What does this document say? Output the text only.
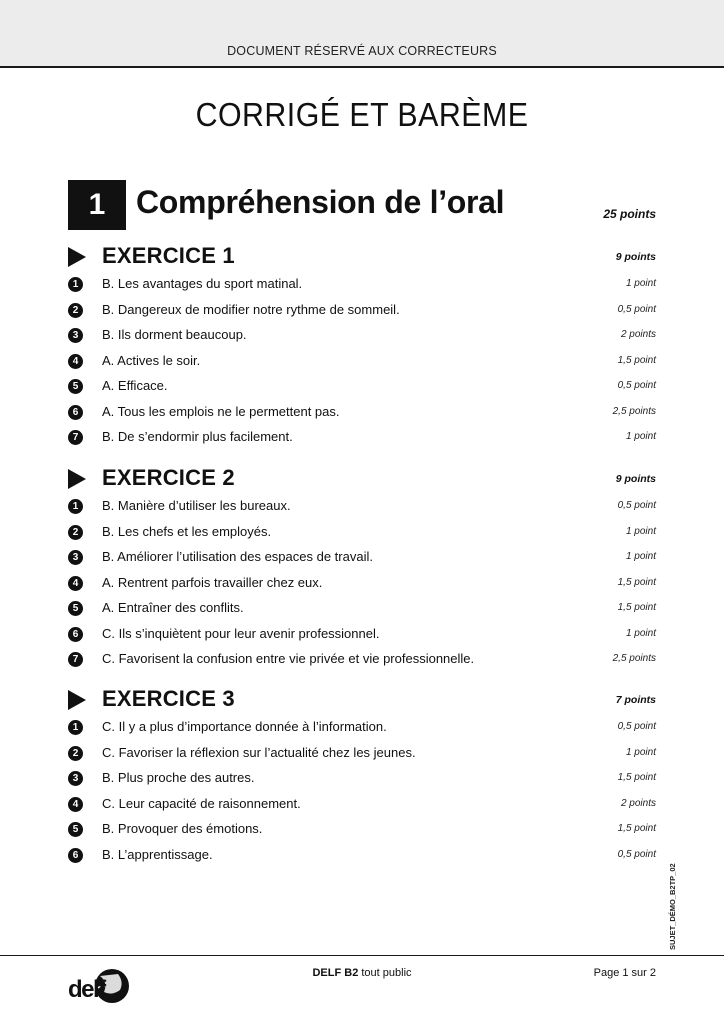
DOCUMENT RÉSERVÉ AUX CORRECTEURS
CORRIGÉ ET BARÈME
1 Compréhension de l’oral	25 points
EXERCICE 1	9 points
1	B. Les avantages du sport matinal.	1 point
2	B. Dangereux de modifier notre rythme de sommeil.	0,5 point
3	B. Ils dorment beaucoup.	2 points
4	A. Actives le soir.	1,5 point
5	A. Efficace.	0,5 point
6	A. Tous les emplois ne le permettent pas.	2,5 points
7	B. De s’endormir plus facilement.	1 point
EXERCICE 2	9 points
1	B. Manière d’utiliser les bureaux.	0,5 point
2	B. Les chefs et les employés.	1 point
3	B. Améliorer l’utilisation des espaces de travail.	1 point
4	A. Rentrent parfois travailler chez eux.	1,5 point
5	A. Entraîner des conflits.	1,5 point
6	C. Ils s’inquiètent pour leur avenir professionnel.	1 point
7	C. Favorisent la confusion entre vie privée et vie professionnelle.	2,5 points
EXERCICE 3	7 points
1	C. Il y a plus d’importance donnée à l’information.	0,5 point
2	C. Favoriser la réflexion sur l’actualité chez les jeunes.	1 point
3	B. Plus proche des autres.	1,5 point
4	C. Leur capacité de raisonnement.	2 points
5	B. Provoquer des émotions.	1,5 point
6	B. L’apprentissage.	0,5 point
SUJET_DÉMO_B2TP_02
delf
DELF B2 tout public	Page 1 sur 2
